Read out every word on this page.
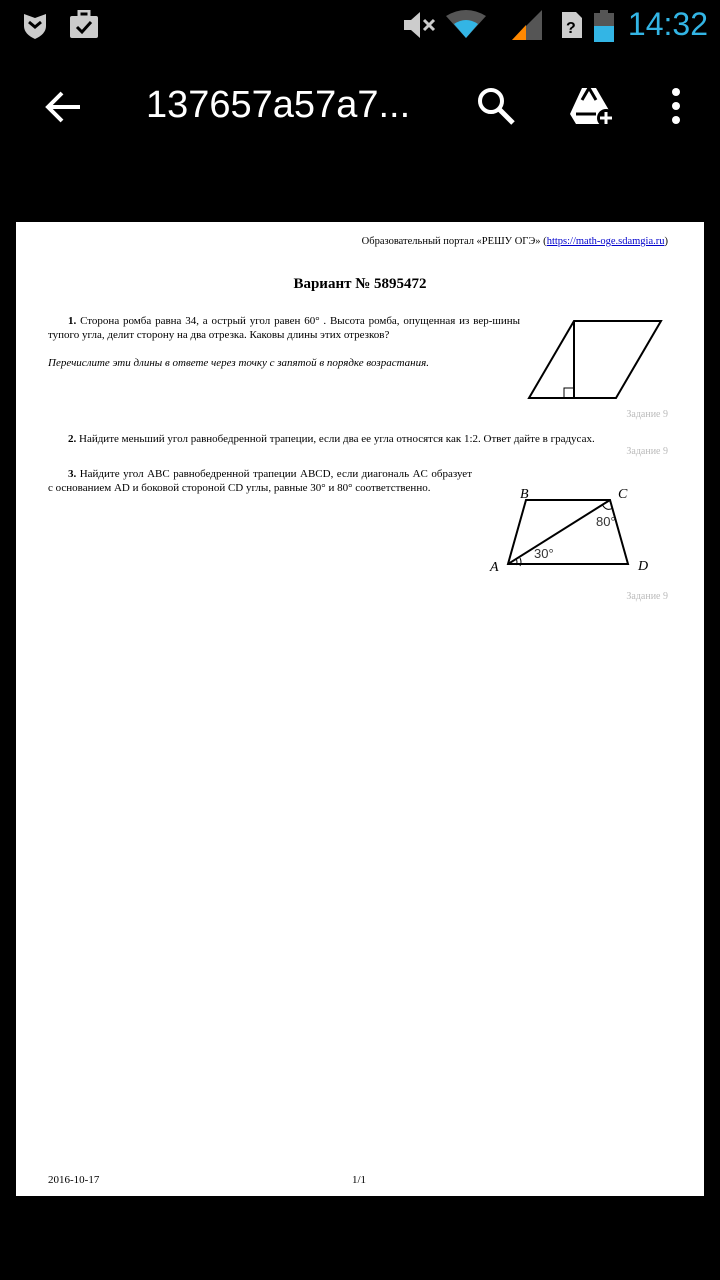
? 14:32
137657a57a7...
Образовательный портал «РЕШУ ОГЭ» (https://math-oge.sdamgia.ru)
Вариант № 5895472
1. Сторона ромба равна 34, а острый угол равен 60° . Высота ромба, опущенная из вер-шины тупого угла, делит сторону на два отрезка. Каковы длины этих отрезков?
Перечислите эти длины в ответе через точку с запятой в порядке возрастания.
Задание 9
2. Найдите меньший угол равнобедренной трапеции, если два ее угла относятся как 1:2. Ответ дайте в градусах.
Задание 9
3. Найдите угол ABC равнобедренной трапеции ABCD, если диагональ AC образует с основанием AD и боковой стороной CD углы, равные 30° и 80° соответственно.
A
B	C
D
30°
80°
Задание 9
2016-10-17	1/1
